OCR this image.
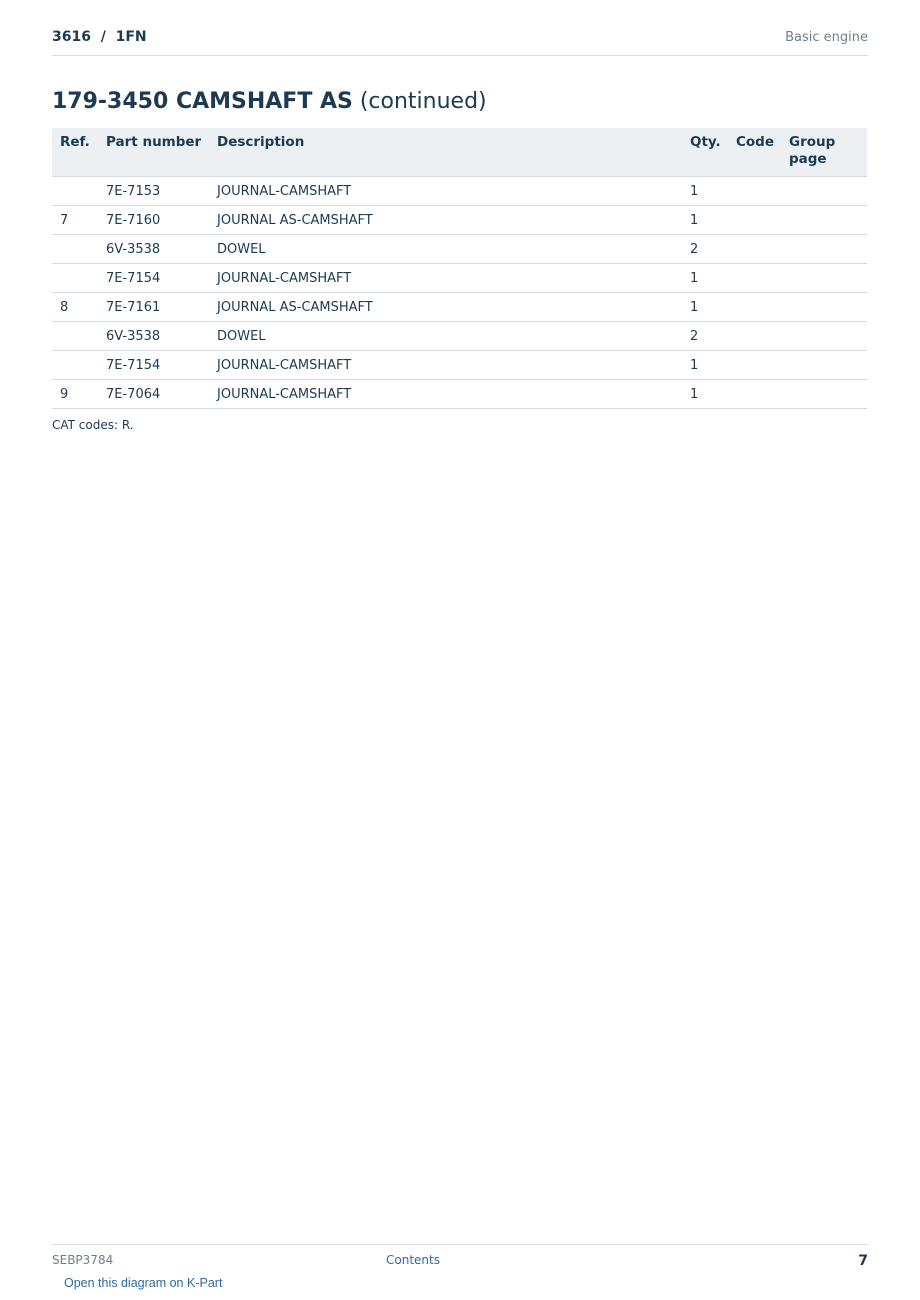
3616  /  1FN	Basic engine
179-3450 CAMSHAFT AS (continued)
Ref.	Part number	Description	Qty.	Code	Group page
	7E-7153	JOURNAL-CAMSHAFT	1		
7	7E-7160	JOURNAL AS-CAMSHAFT	1		
	6V-3538	DOWEL	2		
	7E-7154	JOURNAL-CAMSHAFT	1		
8	7E-7161	JOURNAL AS-CAMSHAFT	1		
	6V-3538	DOWEL	2		
	7E-7154	JOURNAL-CAMSHAFT	1		
9	7E-7064	JOURNAL-CAMSHAFT	1		
CAT codes: R.
SEBP3784	Contents	7
Open this diagram on K-Part
